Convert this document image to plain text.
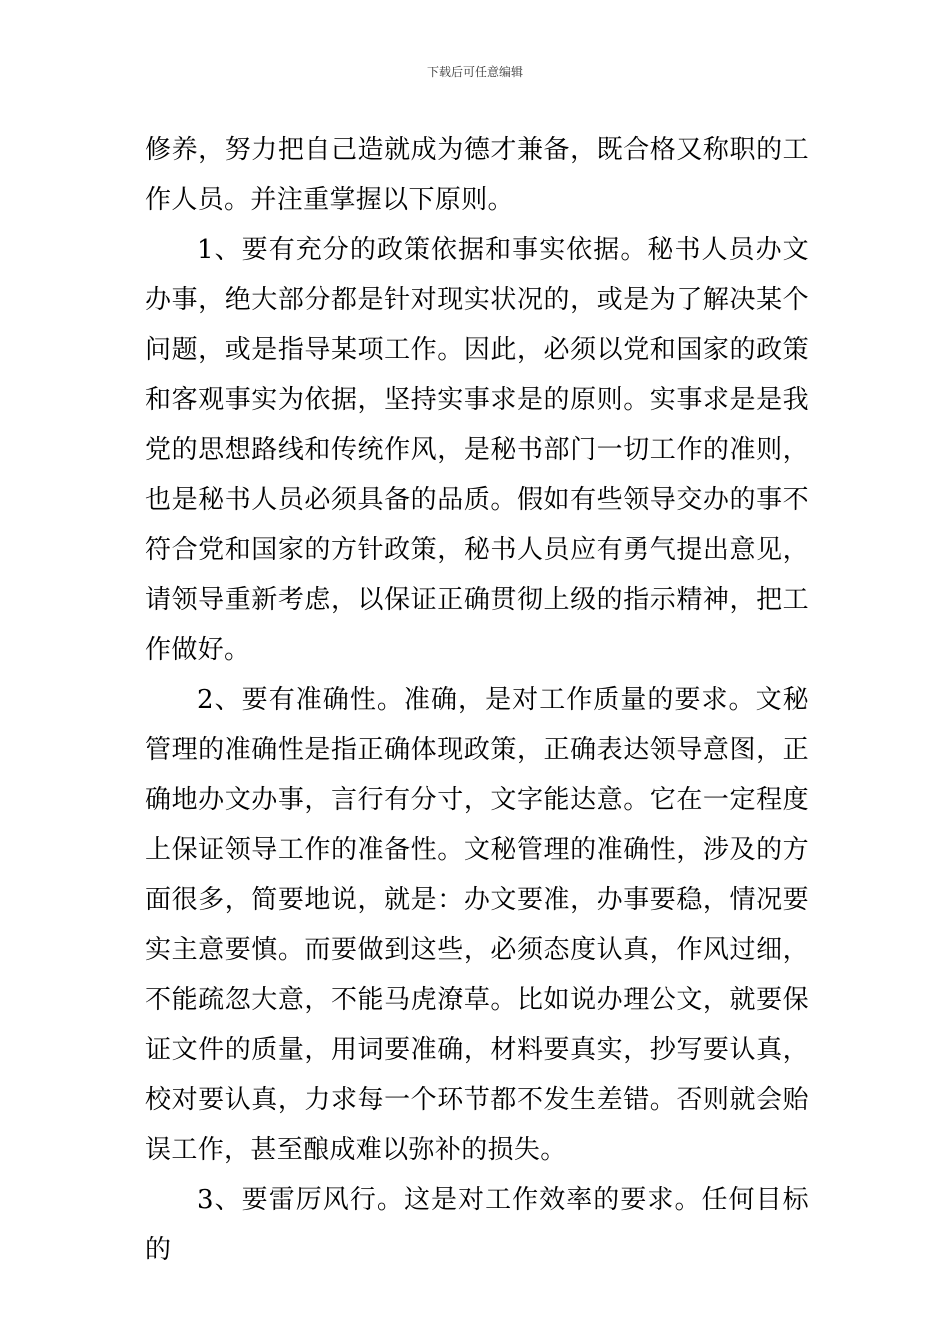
下载后可任意编辑

修养，努力把自己造就成为德才兼备，既合格又称职的工作人员。并注重掌握以下原则。

1、要有充分的政策依据和事实依据。秘书人员办文办事，绝大部分都是针对现实状况的，或是为了解决某个问题，或是指导某项工作。因此，必须以党和国家的政策和客观事实为依据，坚持实事求是的原则。实事求是是我党的思想路线和传统作风，是秘书部门一切工作的准则，也是秘书人员必须具备的品质。假如有些领导交办的事不符合党和国家的方针政策，秘书人员应有勇气提出意见，请领导重新考虑，以保证正确贯彻上级的指示精神，把工作做好。

2、要有准确性。准确，是对工作质量的要求。文秘管理的准确性是指正确体现政策，正确表达领导意图，正确地办文办事，言行有分寸，文字能达意。它在一定程度上保证领导工作的准备性。文秘管理的准确性，涉及的方面很多，简要地说，就是：办文要准，办事要稳，情况要实主意要慎。而要做到这些，必须态度认真，作风过细，不能疏忽大意，不能马虎潦草。比如说办理公文，就要保证文件的质量，用词要准确，材料要真实，抄写要认真，校对要认真，力求每一个环节都不发生差错。否则就会贻误工作，甚至酿成难以弥补的损失。

3、要雷厉风行。这是对工作效率的要求。任何目标的
